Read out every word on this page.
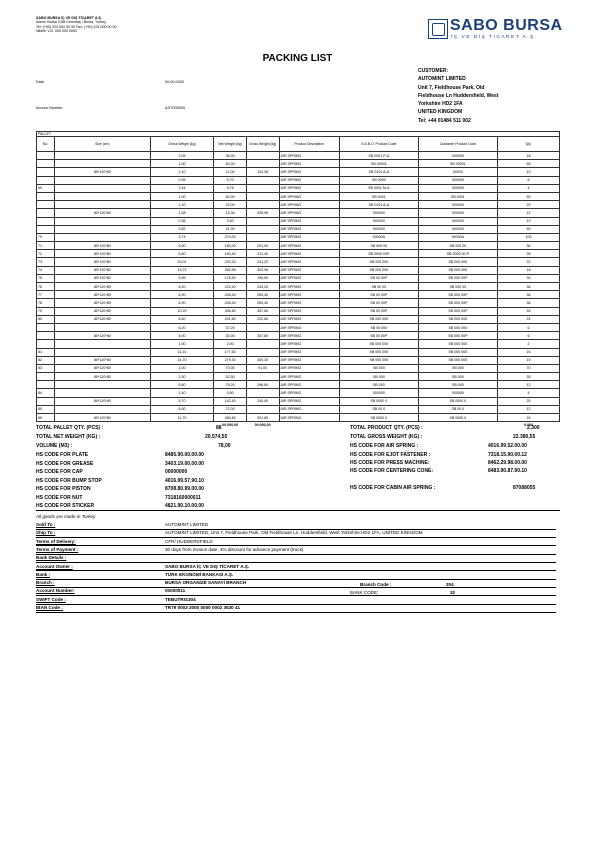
SABO BURSA İÇ VE DIŞ TİCARET A.Ş.
Adres: Bursa OSB Demirtaş / Bursa, Turkey
Tel: (+90) 224 000 00 00 Fax: (+90) 224 000 00 00
Nilüfer V.D. 000 000 0000	SABO BURSA
İÇ VE DIŞ TİCARET A.Ş.
PACKING LIST
Date	00.00.0000
Invoice Number	AST000000
CUSTOMER:
AUTOMINT LIMITED
Unit 7, Fieldhouse Park, Old
Fieldhouse Ln Huddersfield, West
Yorkshire HD2 1FA
UNITED KINGDOM
Tel: +44 01484 511 002
PALLET								
No.	Size (cm)	Gross Weight (kg)	Net Weight (kg)	Gross Weight (kg)	Product Description	S.A.B.O. Product Code	Customer Product Code	Qty.
		2,05	36,90		AIR SPRING	SB 0001 P-A	000000	18
		1,00	50,00		AIR SPRING	SB 00001	SB 00001	50
	80*120*80	1,10	11,00	124,36	AIR SPRING	SB 0101 A-A	00000	10
		0,95	5,70		AIR SPRING	SB 0000	000000	6
69		2,44	9,76		AIR SPRING	SB 0001 M-A	000000	4
		1,00	50,00		AIR SPRING	SB 0001	SB 0001	50
		1,10	22,00		AIR SPRING	SB 0101 A-A	000000	20
	80*120*80	1,28	15,36	535,96	AIR SPRING	000000	000000	12
		0,36	3,60		AIR SPRING	000000	000000	10
		0,82	41,00		AIR SPRING	000000	000000	50
70		3,74	374,00		AIR SPRING	00000A	00000A	100
71	80*120*80	5,00	180,00	201,00	AIR SPRING	SB 000 00	SB 000 00	36
72	80*120*80	6,60	190,40	211,40	AIR SPRING	SB 0000 00P	SB 0000 00 P	28
73	80*120*80	10,01	220,22	241,22	AIR SPRING	SB 000 000	SB 000 000	22
74	80*120*80	15,72	282,96	303,96	AIR SPRING	SB 000 000	SB 000 000	18
75	80*120*80	5,95	178,50	199,50	AIR SPRING	SB 00 00P	SB 000 00P	30
76	80*120*80	6,20	223,20	244,20	AIR SPRING	SB 00 00	SB 000 00	36
77	80*120*80	6,90	248,40	269,40	AIR SPRING	SB 00 00P	SB 000 00P	36
78	80*120*80	6,90	248,40	269,40	AIR SPRING	SB 00 00P	SB 000 00P	36
79	80*120*80	10,20	336,60	357,60	AIR SPRING	SB 00 00P	SB 000 00P	33
80	80*120*80	8,40	201,60	222,60	AIR SPRING	SB 000 000	SB 000 000	24
		6,20	37,20		AIR SPRING	SB 00 000	SB 000 000	6
	80*120*80	5,00	30,00	267,80	AIR SPRING	SB 00 00P	SB 000 00P	6
		1,00	2,00		AIR SPRING	SB 000 000	SB 000 000	2
81		11,10	177,60		AIR SPRING	SB 000 000	SB 000 000	16
82	80*120*80	14,70	279,30	300,30	AIR SPRING	SB 000 000	SB 000 000	19
83	80*120*80	1,00	70,00	91,00	AIR SPRING	SB 000	SB 000	70
	80*120*80	1,50	52,50		AIR SPRING	SB 000	SB 000	35
		6,60	79,20	198,60	AIR SPRING	SB 000	SB 000	12
84		1,40	5,60		AIR SPRING	000000	000000	4
	80*120*80	5,70	142,40	240,40	AIR SPRING	SB 0000 0	SB 0000 0	25
85		6,00	72,00		AIR SPRING	SB 00 0	SB 00 0	12
86	80*120*80	11,70	280,80	301,80	AIR SPRING	SB 0000 0	SB 0000 0	24
			00.000,00	00.000,00				0.000
TOTAL PALLET QTY. (PCS) :	88
TOTAL NET WEIGHT (KG) :	20.574,55
VOLUME (M3) :	78,00
TOTAL PRODUCT QTY. (PCS) :	2.300
TOTAL GROSS WEIGHT (KG) :	22.380,55
HS CODE FOR PLATE	8485.90.00.00.00
HS CODE FOR GREASE	3403.19.00.00.00
HS CODE FOR CAP	00000000
HS CODE FOR BUMP STOP	4016.99.57.90.10
HS CODE FOR PISTON	8708.80.99.00.00
HS CODE FOR NUT	7318160000011
HS CODE FOR STICKER	4821.90.10.00.00
HS CODE FOR AIR SPRING :	4016.99.52.00.00
HS CODE FOR EJOT FASTENER :	7318.15.90.00.12
HS CODE FOR PRESS MACHINE:	8462.29.98.00.00
HS CODE FOR CENTERING CONE:	8483.90.87.90.10
HS CODE FOR CABIN AIR SPRING :	87088055
All goods are made in Turkey
Sold To :	AUTOMINT LIMITED
Ship To :	AUTOMINT LIMITED, Unit 7, Fieldhouse Park, Old Fieldhouse Ln, Huddersfield, West Yorkshire HD2 1FA, UNITED KINGDOM
Terms of Delivery:	CFR/ HUDDERSFIELD
Terms of Payment :	30 days from invoice date, 4% discount for advance payment (truck)
Bank Details :
Account Owner :	SABO BURSA İÇ VE DIŞ TİCARET A.Ş.
Bank :	TÜRK EKONOMİ BANKASI A.Ş.
Branch :	BURSA ORGANİZE SANAYİ BRANCH
Account Number:	00000011
SWIFT Code :	TEBUTRIS304
IBAN Code :	TR79 0003 2000 0000 0002 3530 41
Branch Code :	304
BANK CODE:	32
